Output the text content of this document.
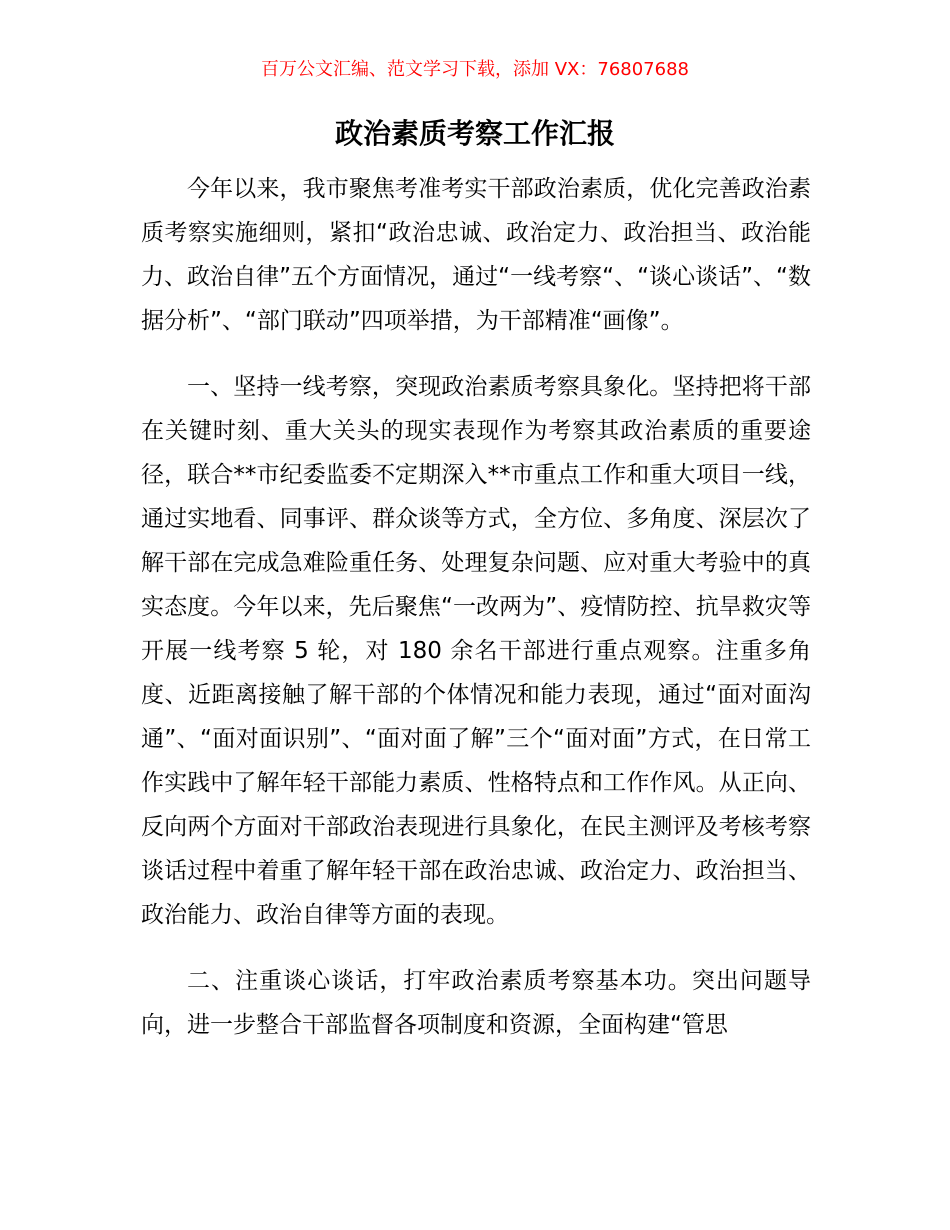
百万公文汇编、范文学习下载，添加 VX：76807688
政治素质考察工作汇报

今年以来，我市聚焦考准考实干部政治素质，优化完善政治素质考察实施细则，紧扣“政治忠诚、政治定力、政治担当、政治能力、政治自律”五个方面情况，通过“一线考察“、“谈心谈话”、“数据分析”、“部门联动”四项举措，为干部精准“画像”。

一、坚持一线考察，突现政治素质考察具象化。坚持把将干部在关键时刻、重大关头的现实表现作为考察其政治素质的重要途径，联合**市纪委监委不定期深入**市重点工作和重大项目一线，通过实地看、同事评、群众谈等方式，全方位、多角度、深层次了解干部在完成急难险重任务、处理复杂问题、应对重大考验中的真实态度。今年以来，先后聚焦“一改两为”、疫情防控、抗旱救灾等开展一线考察 5 轮，对 180 余名干部进行重点观察。注重多角度、近距离接触了解干部的个体情况和能力表现，通过“面对面沟通”、“面对面识别”、“面对面了解”三个“面对面”方式，在日常工作实践中了解年轻干部能力素质、性格特点和工作作风。从正向、反向两个方面对干部政治表现进行具象化，在民主测评及考核考察谈话过程中着重了解年轻干部在政治忠诚、政治定力、政治担当、政治能力、政治自律等方面的表现。

二、注重谈心谈话，打牢政治素质考察基本功。突出问题导向，进一步整合干部监督各项制度和资源，全面构建“管思
